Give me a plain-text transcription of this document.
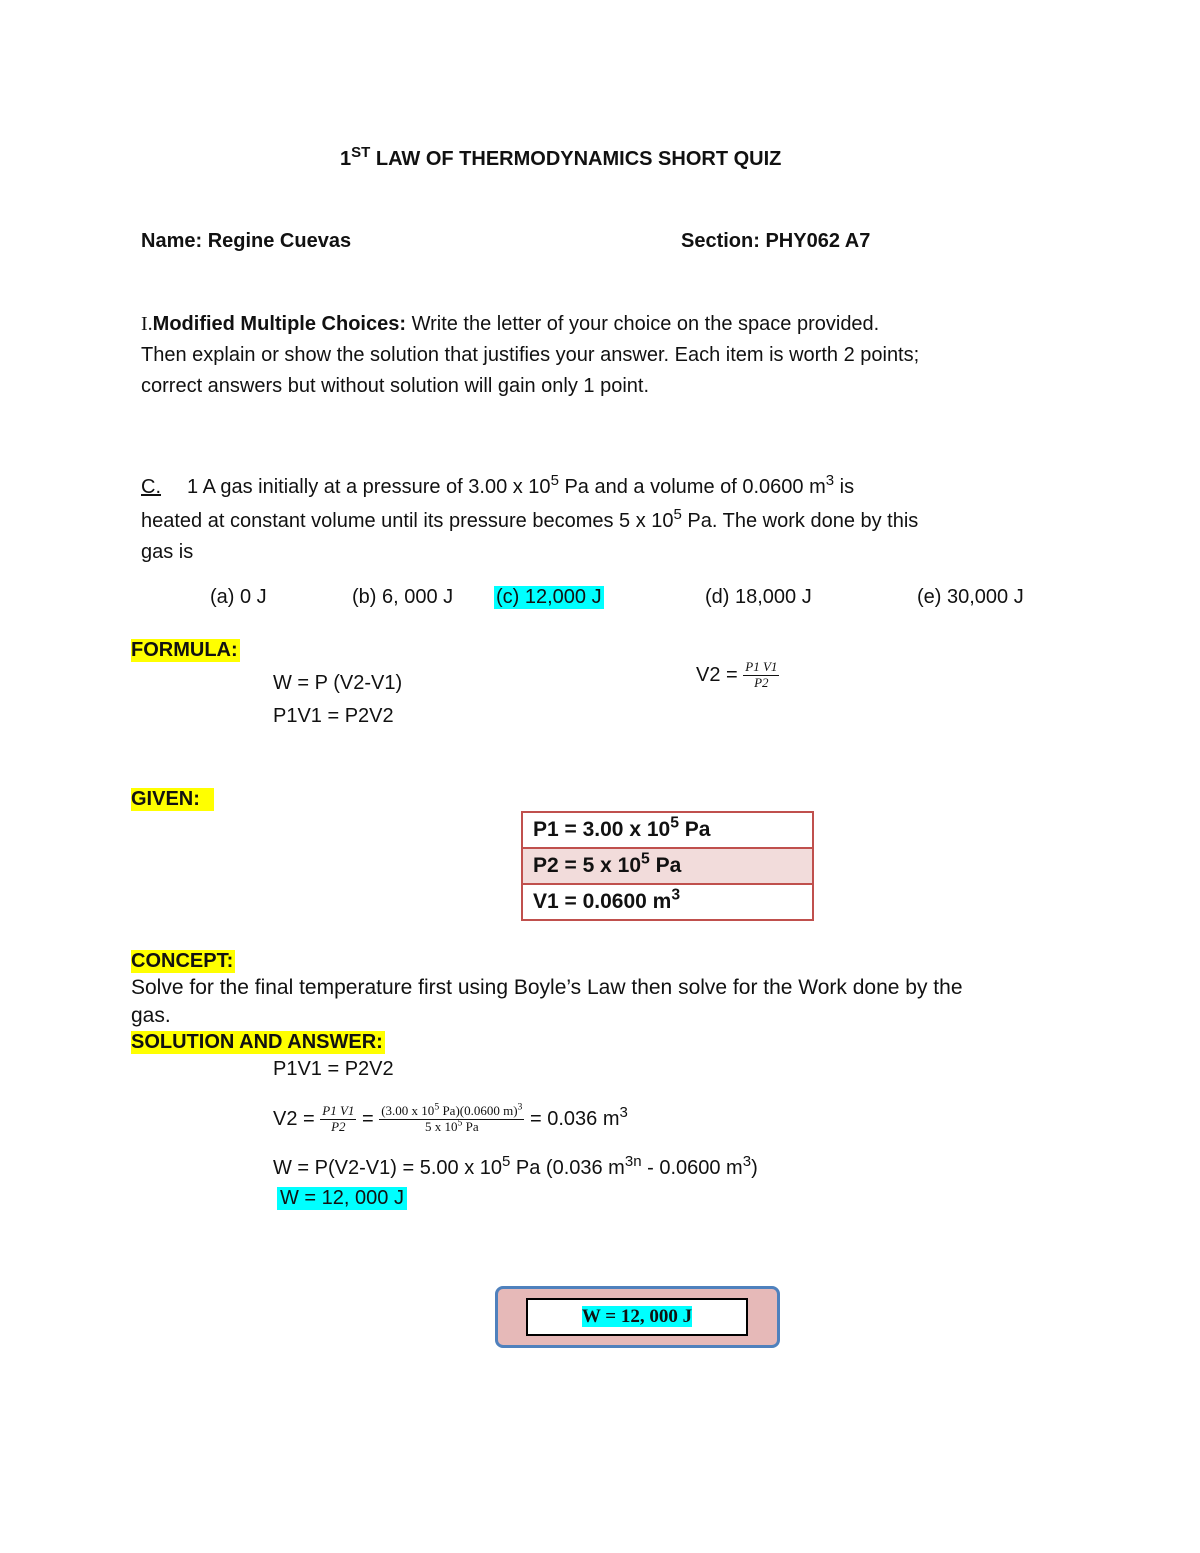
1ST LAW OF THERMODYNAMICS SHORT QUIZ
Name: Regine Cuevas	Section: PHY062 A7
I.Modified Multiple Choices: Write the letter of your choice on the space provided.
Then explain or show the solution that justifies your answer. Each item is worth 2 points;
correct answers but without solution will gain only 1 point.
C. 1 A gas initially at a pressure of 3.00 x $10^5$ Pa and a volume of 0.0600 $m^3$ is
heated at constant volume until its pressure becomes 5 x $10^5$ Pa. The work done by this
gas is
(a) 0 J	(b) 6, 000 J (c) 12,000 J	(d) 18,000 J	(e) 30,000 J
FORMULA:
W = P (V2-V1)
P1V1 = P2V2
$V2 = \frac{P1 V1}{P2}$
GIVEN:
P1 = 3.00 x $10^5$ Pa
P2 = 5 x $10^5$ Pa
V1 = 0.0600 $m^3$
CONCEPT:
Solve for the final temperature first using Boyle’s Law then solve for the Work done by the
gas.
SOLUTION AND ANSWER:
P1V1 = P2V2
$V2 = \frac{P1 V1}{P2} = \frac{(3.00 x 10^5 Pa)(0.0600 m)^3}{5 x 10^5 Pa} = 0.036$ $m^3$
W = P(V2-V1) = 5.00 x $10^5$ Pa (0.036 $m^{3n} - 0.0600$ $m^3$)
W = 12, 000 J
W = 12, 000 J
